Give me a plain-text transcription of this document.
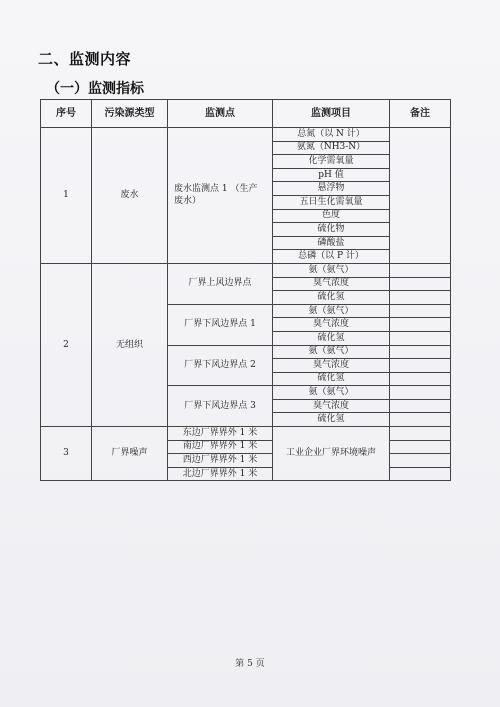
二、监测内容
（一）监测指标
序号	污染源类型	监测点	监测项目	备注
1	废水	废水监测点 1 （生产废水）	总氮（以 N 计）	
			氨氮（NH3-N）	
			化学需氧量	
			pH 值	
			悬浮物	
			五日生化需氧量	
			色度	
			硫化物	
			磷酸盐	
			总磷（以 P 计）	
2	无组织	厂界上风边界点	氨（氨气）	
			臭气浓度	
			硫化氢	
		厂界下风边界点 1	氨（氨气）	
			臭气浓度	
			硫化氢	
		厂界下风边界点 2	氨（氨气）	
			臭气浓度	
			硫化氢	
		厂界下风边界点 3	氨（氨气）	
			臭气浓度	
			硫化氢	
3	厂界噪声	东边厂界界外 1 米	工业企业厂界环境噪声	
		南边厂界界外 1 米		
		西边厂界界外 1 米		
		北边厂界界外 1 米		
第 5 页
